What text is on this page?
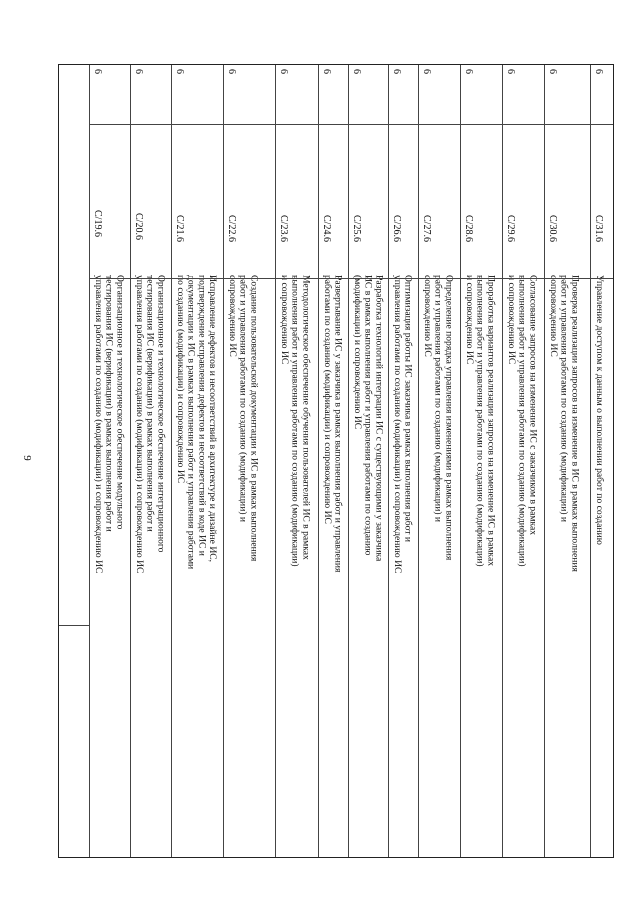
9
Организационное и технологическое обеспечение модульного
тестирования ИС (верификации) в рамках выполнения работ и
управления работами по созданию (модификации) и сопровождению ИС
C/19.6
6
Организационное и технологическое обеспечение интеграционного
тестирования ИС (верификации) в рамках выполнения работ и
управления работами по созданию (модификации) и сопровождению ИС
C/20.6
6
Исправление дефектов и несоответствий в архитектуре и дизайне ИС,
подтверждение исправления дефектов и несоответствий в коде ИС и
документации к ИС в рамках выполнения работ и управления работами
по созданию (модификации) и сопровождению ИС
C/21.6
6
Создание пользовательской документации к ИС в рамках выполнения
работ и управления работами по созданию (модификации) и
сопровождению ИС
C/22.6
6
Методологическое обеспечение обучения пользователей ИС в рамках
выполнения работ и управления работами по созданию (модификации)
и сопровождению ИС
C/23.6
6
Развертывание ИС у заказчика в рамках выполнения работ и управления
работами по созданию (модификации) и сопровождению ИС
C/24.6
6
Разработка технологий интеграции ИС с существующими у заказчика
ИС в рамках выполнения работ и управления работами по созданию
(модификации) и сопровождению ИС
C/25.6
6
Оптимизация работы ИС заказчика в рамках выполнения работ и
управления работами по созданию (модификации) и сопровождению ИС
C/26.6
6
Определение порядка управления изменениями в рамках выполнения
работ и управления работами по созданию (модификации) и
сопровождению ИС
C/27.6
6
Проработка вариантов реализации запросов на изменение ИС в рамках
выполнения работ и управления работами по созданию (модификации)
и сопровождению ИС
C/28.6
6
Согласование запросов на изменение ИС с заказчиком в рамках
выполнения работ и управления работами по созданию (модификации)
и сопровождению ИС
C/29.6
6
Проверка реализации запросов на изменение в ИС в рамках выполнения
работ и управления работами по созданию (модификации) и
сопровождению ИС
C/30.6
6
Управление доступом к данным о выполнении работ по созданию
C/31.6
6
